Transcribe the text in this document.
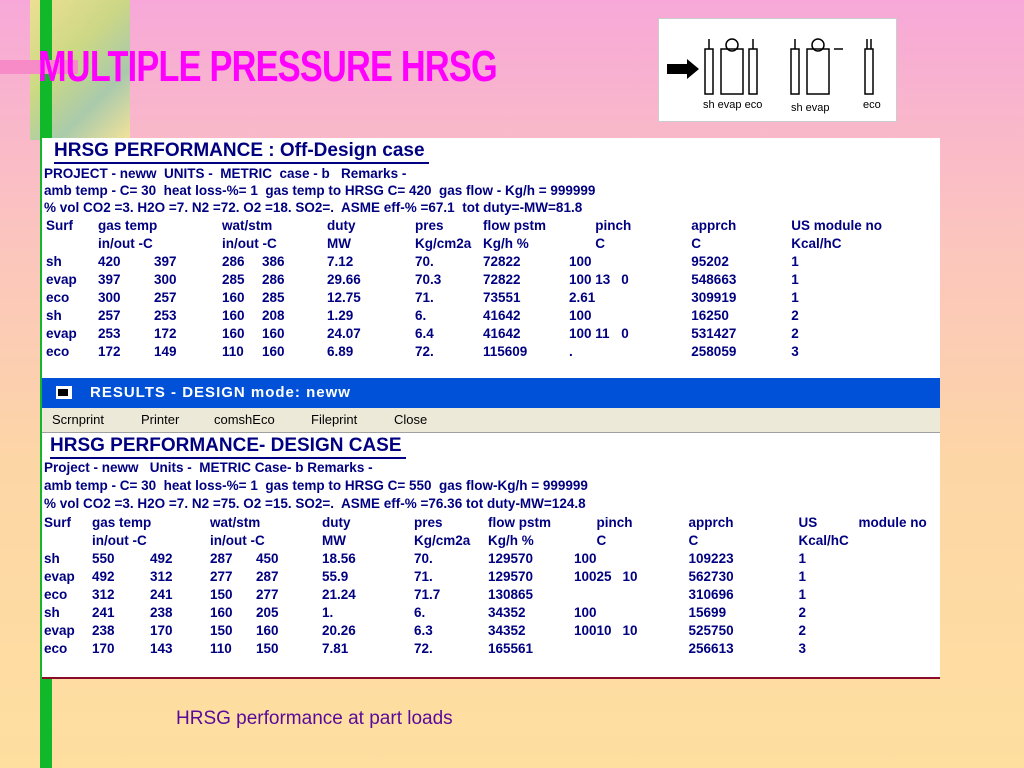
MULTIPLE PRESSURE HRSG
sh evap eco	sh evap	eco
HRSG PERFORMANCE : Off-Design case
PROJECT - neww  UNITS -  METRIC  case - b   Remarks -
amb temp - C= 30  heat loss-%= 1  gas temp to HRSG C= 420  gas flow - Kg/h = 999999
% vol CO2 =3. H2O =7. N2 =72. O2 =18. SO2=.  ASME eff-% =67.1  tot duty=-MW=81.8
Surf	gas temp		wat/stm		duty	pres	flow pstm		pinch		apprch	US module no
	in/out -C		in/out -C		MW	Kg/cm2a	Kg/h %		C		C	Kcal/hC
sh	420	397	286	386	7.12	70.	72822	100			95202	1
evap	397	300	285	286	29.66	70.3	72822	100	13	0	548663	1
eco	300	257	160	285	12.75	71.	73551	2.61			309919	1
sh	257	253	160	208	1.29	6.	41642	100			16250	2
evap	253	172	160	160	24.07	6.4	41642	100	11	0	531427	2
eco	172	149	110	160	6.89	72.	115609	.			258059	3
RESULTS - DESIGN mode: neww
Scrnprint	Printer	comshEco	Fileprint	Close
HRSG PERFORMANCE- DESIGN CASE
Project - neww   Units -  METRIC Case- b Remarks -
amb temp - C= 30  heat loss-%= 1  gas temp to HRSG C= 550  gas flow-Kg/h = 999999
% vol CO2 =3. H2O =7. N2 =75. O2 =15. SO2=.  ASME eff-% =76.36 tot duty-MW=124.8
Surf	gas temp		wat/stm		duty	pres	flow pstm		pinch		apprch	US	module no
	in/out -C		in/out -C		MW	Kg/cm2a	Kg/h %		C		C	Kcal/hC	
sh	550	492	287	450	18.56	70.	129570	100			109223	1	
evap	492	312	277	287	55.9	71.	129570	100	25	10	562730	1	
eco	312	241	150	277	21.24	71.7	130865				310696	1	
sh	241	238	160	205	1.	6.	34352	100			15699	2	
evap	238	170	150	160	20.26	6.3	34352	100	10	10	525750	2	
eco	170	143	110	150	7.81	72.	165561				256613	3	
HRSG performance at part loads
